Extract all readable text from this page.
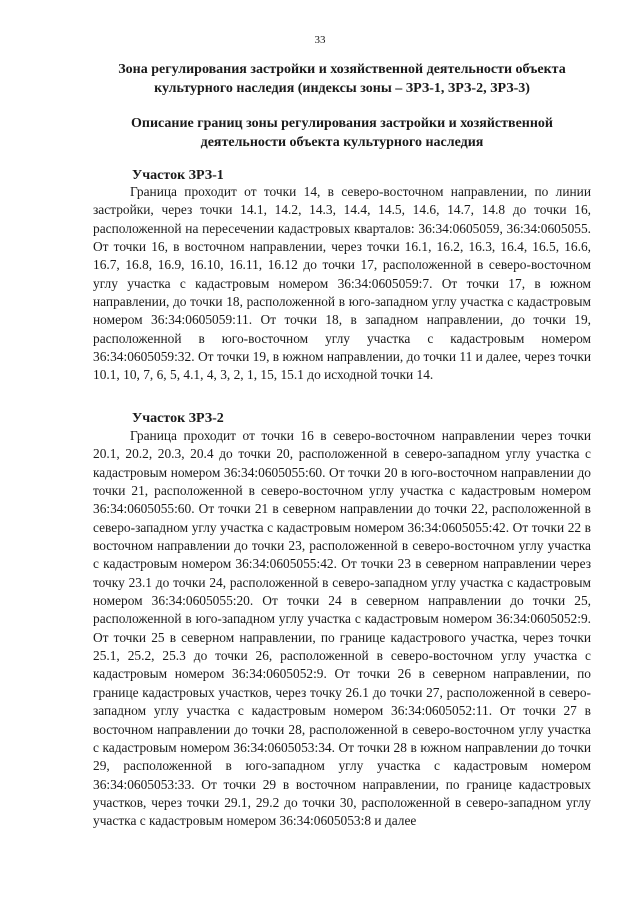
33
Зона регулирования застройки и хозяйственной деятельности объекта культурного наследия (индексы зоны – ЗРЗ-1, ЗРЗ-2, ЗРЗ-3)
Описание границ зоны регулирования застройки и хозяйственной деятельности объекта культурного наследия
Участок ЗРЗ-1

Граница проходит от точки 14, в северо-восточном направлении, по линии застройки, через точки 14.1, 14.2, 14.3, 14.4, 14.5, 14.6, 14.7, 14.8 до точки 16, расположенной на пересечении кадастровых кварталов: 36:34:0605059, 36:34:0605055. От точки 16, в восточном направлении, через точки 16.1, 16.2, 16.3, 16.4, 16.5, 16.6, 16.7, 16.8, 16.9, 16.10, 16.11, 16.12 до точки 17, расположенной в северо-восточном углу участка с кадастровым номером 36:34:0605059:7. От точки 17, в южном направлении, до точки 18, расположенной в юго-западном углу участка с кадастровым номером 36:34:0605059:11. От точки 18, в западном направлении, до точки 19, расположенной в юго-восточном углу участка с кадастровым номером 36:34:0605059:32. От точки 19, в южном направлении, до точки 11 и далее, через точки 10.1, 10, 7, 6, 5, 4.1, 4, 3, 2, 1, 15, 15.1 до исходной точки 14.

Участок ЗРЗ-2

Граница проходит от точки 16 в северо-восточном направлении через точки 20.1, 20.2, 20.3, 20.4 до точки 20, расположенной в северо-западном углу участка с кадастровым номером 36:34:0605055:60. От точки 20 в юго-восточном направлении до точки 21, расположенной в северо-восточном углу участка с кадастровым номером 36:34:0605055:60. От точки 21 в северном направлении до точки 22, расположенной в северо-западном углу участка с кадастровым номером 36:34:0605055:42. От точки 22 в восточном направлении до точки 23, расположенной в северо-восточном углу участка с кадастровым номером 36:34:0605055:42. От точки 23 в северном направлении через точку 23.1 до точки 24, расположенной в северо-западном углу участка с кадастровым номером 36:34:0605055:20. От точки 24 в северном направлении до точки 25, расположенной в юго-западном углу участка с кадастровым номером 36:34:0605052:9. От точки 25 в северном направлении, по границе кадастрового участка, через точки 25.1, 25.2, 25.3 до точки 26, расположенной в северо-восточном углу участка с кадастровым номером 36:34:0605052:9. От точки 26 в северном направлении, по границе кадастровых участков, через точку 26.1 до точки 27, расположенной в северо-западном углу участка с кадастровым номером 36:34:0605052:11. От точки 27 в восточном направлении до точки 28, расположенной в северо-восточном углу участка с кадастровым номером 36:34:0605053:34. От точки 28 в южном направлении до точки 29, расположенной в юго-западном углу участка с кадастровым номером 36:34:0605053:33. От точки 29 в восточном направлении, по границе кадастровых участков, через точки 29.1, 29.2 до точки 30, расположенной в северо-западном углу участка с кадастровым номером 36:34:0605053:8 и далее
